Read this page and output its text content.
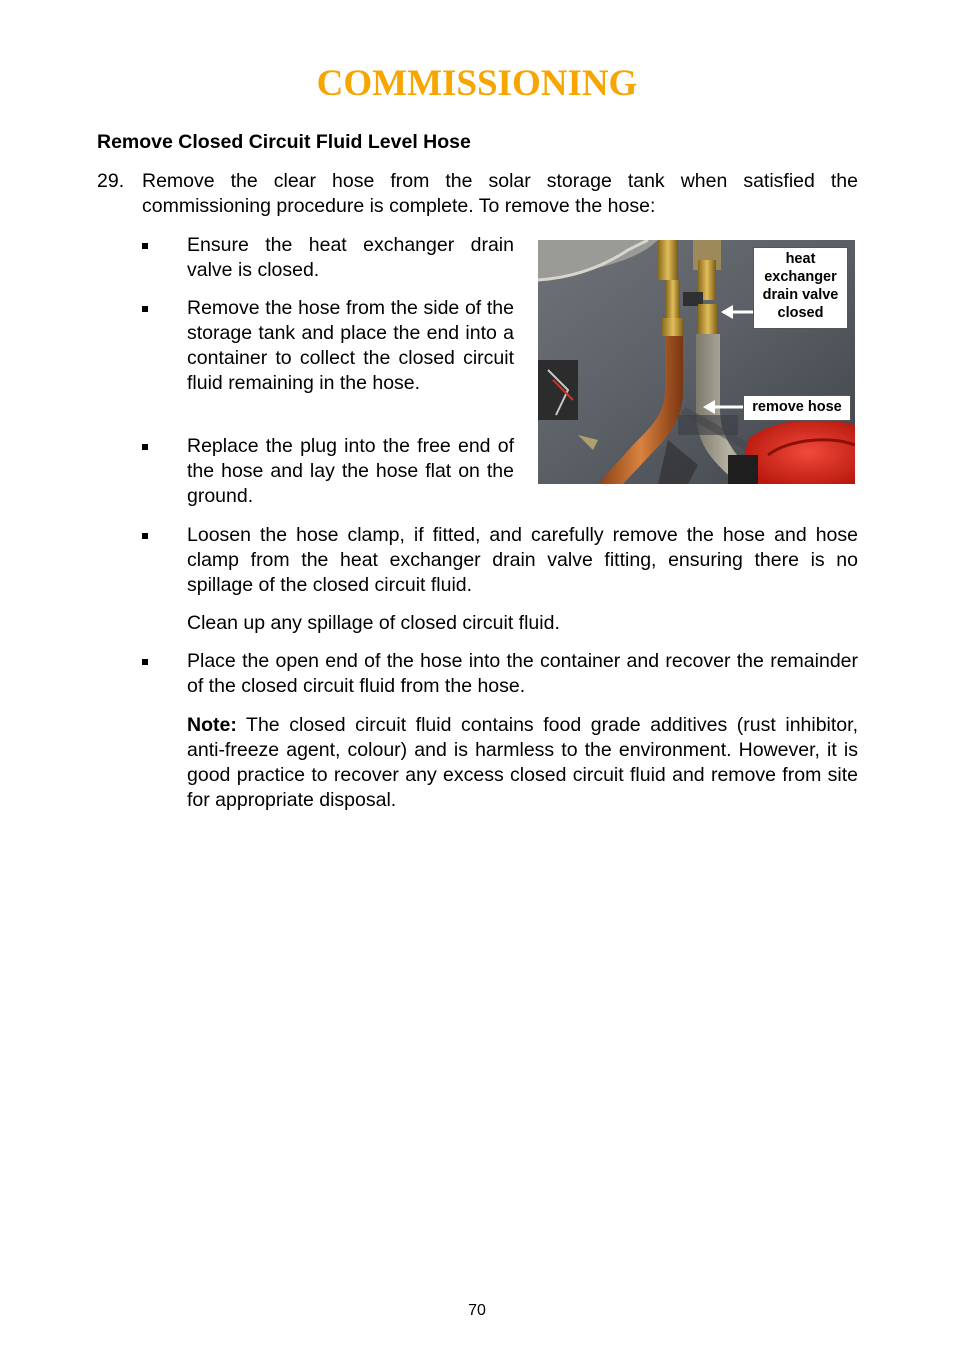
COMMISSIONING
Remove Closed Circuit Fluid Level Hose
29. Remove the clear hose from the solar storage tank when satisfied the commissioning procedure is complete. To remove the hose:
Ensure the heat exchanger drain valve is closed.
Remove the hose from the side of the storage tank and place the end into a container to collect the closed circuit fluid remaining in the hose.
Replace the plug into the free end of the hose and lay the hose flat on the ground.
Loosen the hose clamp, if fitted, and carefully remove the hose and hose clamp from the heat exchanger drain valve fitting, ensuring there is no spillage of the closed circuit fluid.
Clean up any spillage of closed circuit fluid.
Place the open end of the hose into the container and recover the remainder of the closed circuit fluid from the hose.
Note: The closed circuit fluid contains food grade additives (rust inhibitor, anti-freeze agent, colour) and is harmless to the environment. However, it is good practice to recover any excess closed circuit fluid and remove from site for appropriate disposal.
heat exchanger drain valve closed
remove hose
70
